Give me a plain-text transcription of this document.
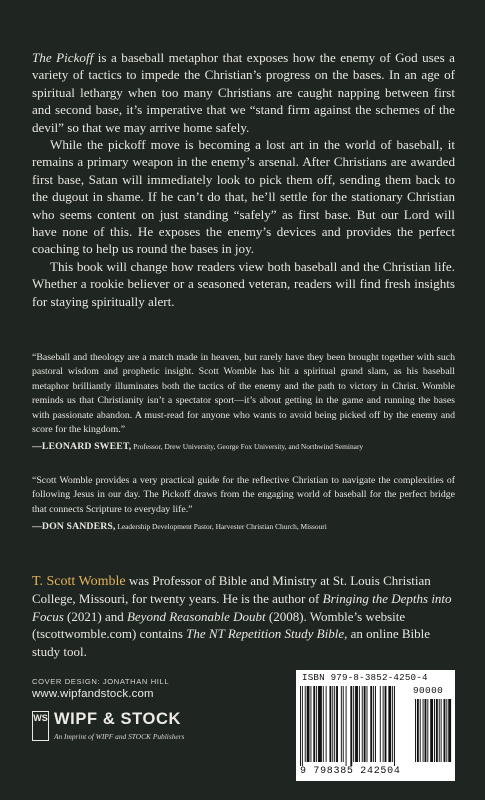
The Pickoff is a baseball metaphor that exposes how the enemy of God uses a variety of tactics to impede the Christian’s progress on the bases. In an age of spiritual lethargy when too many Christians are caught napping between first and second base, it’s imperative that we “stand firm against the schemes of the devil” so that we may arrive home safely.

While the pickoff move is becoming a lost art in the world of baseball, it remains a primary weapon in the enemy’s arsenal. After Christians are awarded first base, Satan will immediately look to pick them off, sending them back to the dugout in shame. If he can’t do that, he’ll settle for the stationary Christian who seems content on just standing “safely” as first base. But our Lord will have none of this. He exposes the enemy’s devices and provides the perfect coaching to help us round the bases in joy.

This book will change how readers view both baseball and the Christian life. Whether a rookie believer or a seasoned veteran, readers will find fresh insights for staying spiritually alert.

“Baseball and theology are a match made in heaven, but rarely have they been brought together with such pastoral wisdom and prophetic insight. Scott Womble has hit a spiritual grand slam, as his baseball metaphor brilliantly illuminates both the tactics of the enemy and the path to victory in Christ. Womble reminds us that Christianity isn’t a spectator sport—it’s about getting in the game and running the bases with passionate abandon. A must-read for anyone who wants to avoid being picked off by the enemy and score for the kingdom.”

—LEONARD SWEET, Professor, Drew University, George Fox University, and Northwind Seminary

“Scott Womble provides a very practical guide for the reflective Christian to navigate the complexities of following Jesus in our day. The Pickoff draws from the engaging world of baseball for the perfect bridge that connects Scripture to everyday life.”

—DON SANDERS, Leadership Development Pastor, Harvester Christian Church, Missouri
T. Scott Womble was Professor of Bible and Ministry at St. Louis Christian College, Missouri, for twenty years. He is the author of Bringing the Depths into Focus (2021) and Beyond Reasonable Doubt (2008). Womble’s website (tscottwomble.com) contains The NT Repetition Study Bible, an online Bible study tool.
COVER DESIGN: JONATHAN HILL
www.wipfandstock.com
WS WIPF & STOCK
An Imprint of WIPF and STOCK Publishers
ISBN 979-8-3852-4250-4
90000
9 798385 242504
